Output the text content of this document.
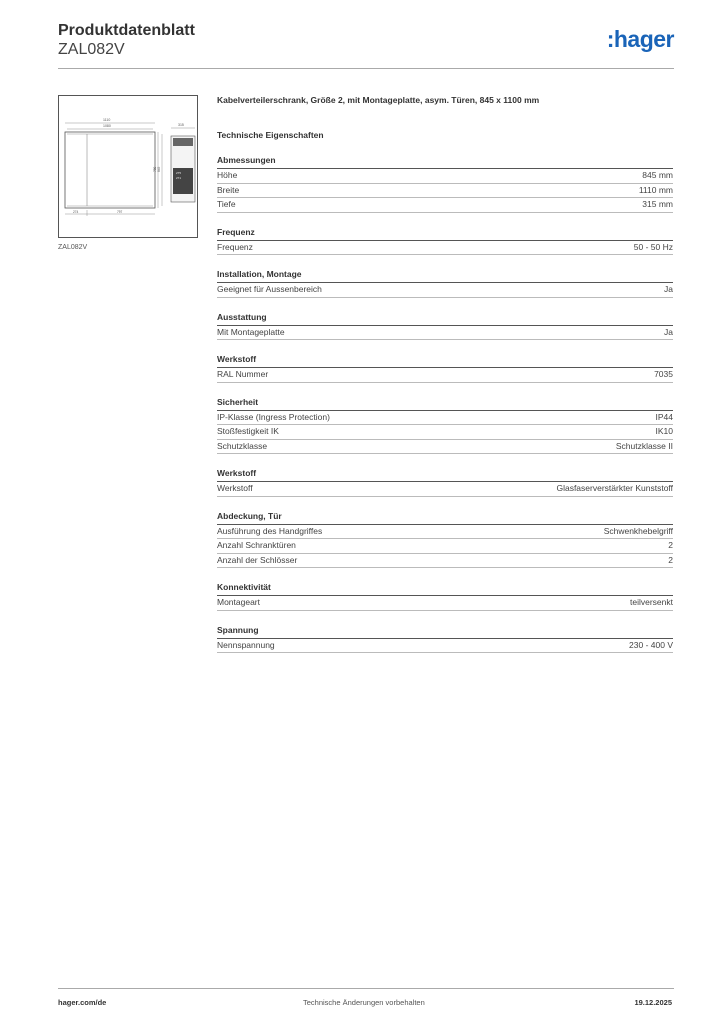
Produktdatenblatt
ZAL082V	:hager
1110
1080
780 845
274	797
315
275
271
ZAL082V
Kabelverteilerschrank, Größe 2, mit Montageplatte, asym. Türen, 845 x 1100 mm
Technische Eigenschaften
Abmessungen
Höhe	845 mm
Breite	1110 mm
Tiefe	315 mm
Frequenz
Frequenz	50 - 50 Hz
Installation, Montage
Geeignet für Aussenbereich	Ja
Ausstattung
Mit Montageplatte	Ja
Werkstoff
RAL Nummer	7035
Sicherheit
IP-Klasse (Ingress Protection)	IP44
Stoßfestigkeit IK	IK10
Schutzklasse	Schutzklasse II
Werkstoff
Werkstoff	Glasfaserverstärkter Kunststoff
Abdeckung, Tür
Ausführung des Handgriffes	Schwenkhebelgriff
Anzahl Schranktüren	2
Anzahl der Schlösser	2
Konnektivität
Montageart	teilversenkt
Spannung
Nennspannung	230 - 400 V
hager.com/de	Technische Änderungen vorbehalten	19.12.2025
